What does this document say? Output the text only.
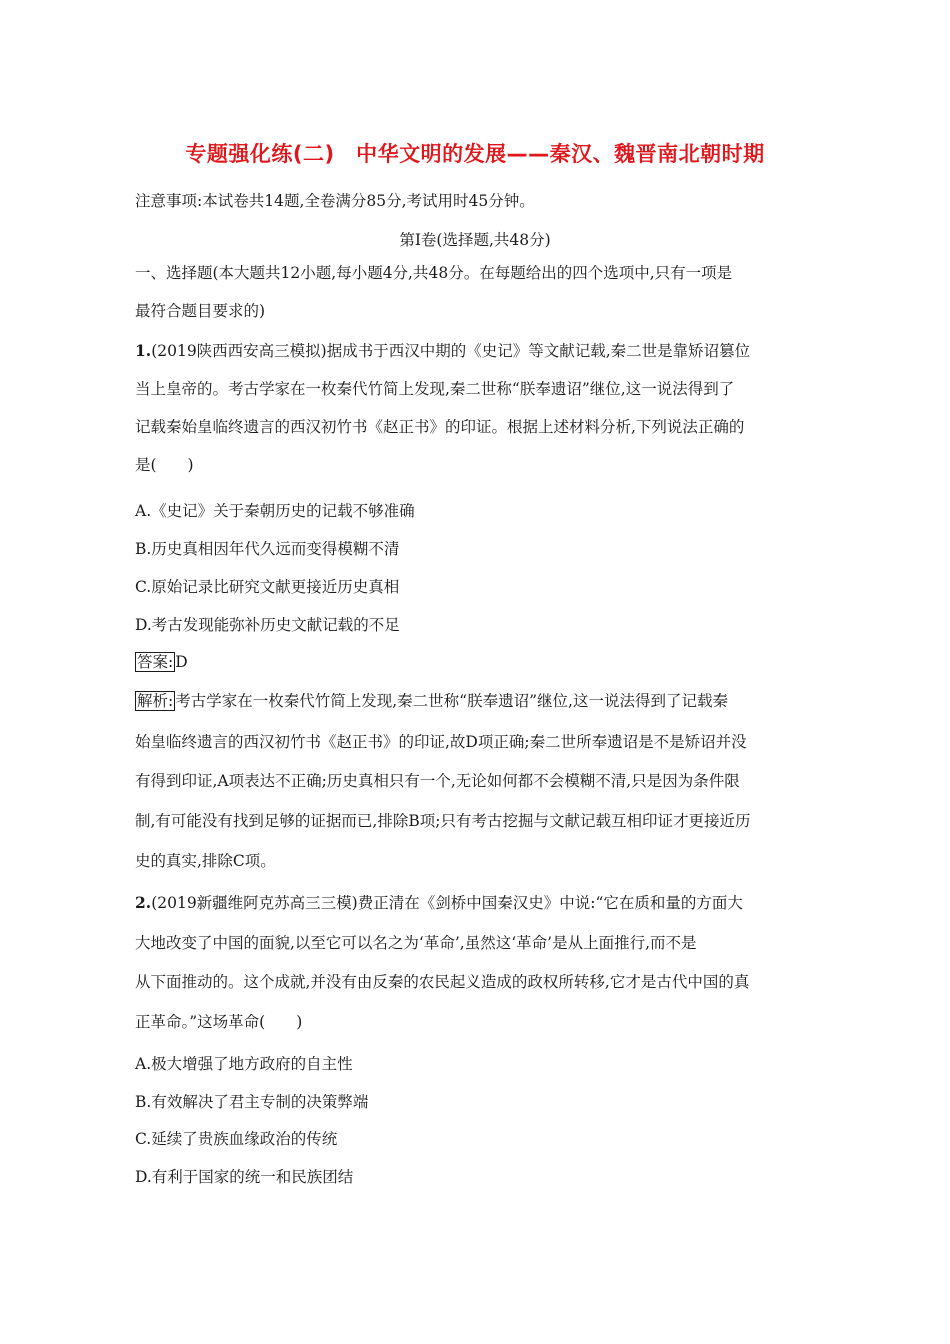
专题强化练(二)　中华文明的发展——秦汉、魏晋南北朝时期
注意事项:本试卷共14题,全卷满分85分,考试用时45分钟。
第Ⅰ卷(选择题,共48分)
一、选择题(本大题共12小题,每小题4分,共48分。在每题给出的四个选项中,只有一项是
最符合题目要求的)
1.(2019陕西西安高三模拟)据成书于西汉中期的《史记》等文献记载,秦二世是靠矫诏篡位
当上皇帝的。考古学家在一枚秦代竹简上发现,秦二世称“朕奉遗诏”继位,这一说法得到了
记载秦始皇临终遗言的西汉初竹书《赵正书》的印证。根据上述材料分析,下列说法正确的
是(　　)
A.《史记》关于秦朝历史的记载不够准确
B.历史真相因年代久远而变得模糊不清
C.原始记录比研究文献更接近历史真相
D.考古发现能弥补历史文献记载的不足
答案: D
解析: 考古学家在一枚秦代竹简上发现,秦二世称“朕奉遗诏”继位,这一说法得到了记载秦
始皇临终遗言的西汉初竹书《赵正书》的印证,故D项正确;秦二世所奉遗诏是不是矫诏并没
有得到印证,A项表达不正确;历史真相只有一个,无论如何都不会模糊不清,只是因为条件限
制,有可能没有找到足够的证据而已,排除B项;只有考古挖掘与文献记载互相印证才更接近历
史的真实,排除C项。
2.(2019新疆维阿克苏高三三模)费正清在《剑桥中国秦汉史》中说:“它在质和量的方面大
大地改变了中国的面貌,以至它可以名之为‘革命’,虽然这‘革命’是从上面推行,而不是
从下面推动的。这个成就,并没有由反秦的农民起义造成的政权所转移,它才是古代中国的真
正革命。”这场革命(　　)
A.极大增强了地方政府的自主性
B.有效解决了君主专制的决策弊端
C.延续了贵族血缘政治的传统
D.有利于国家的统一和民族团结
